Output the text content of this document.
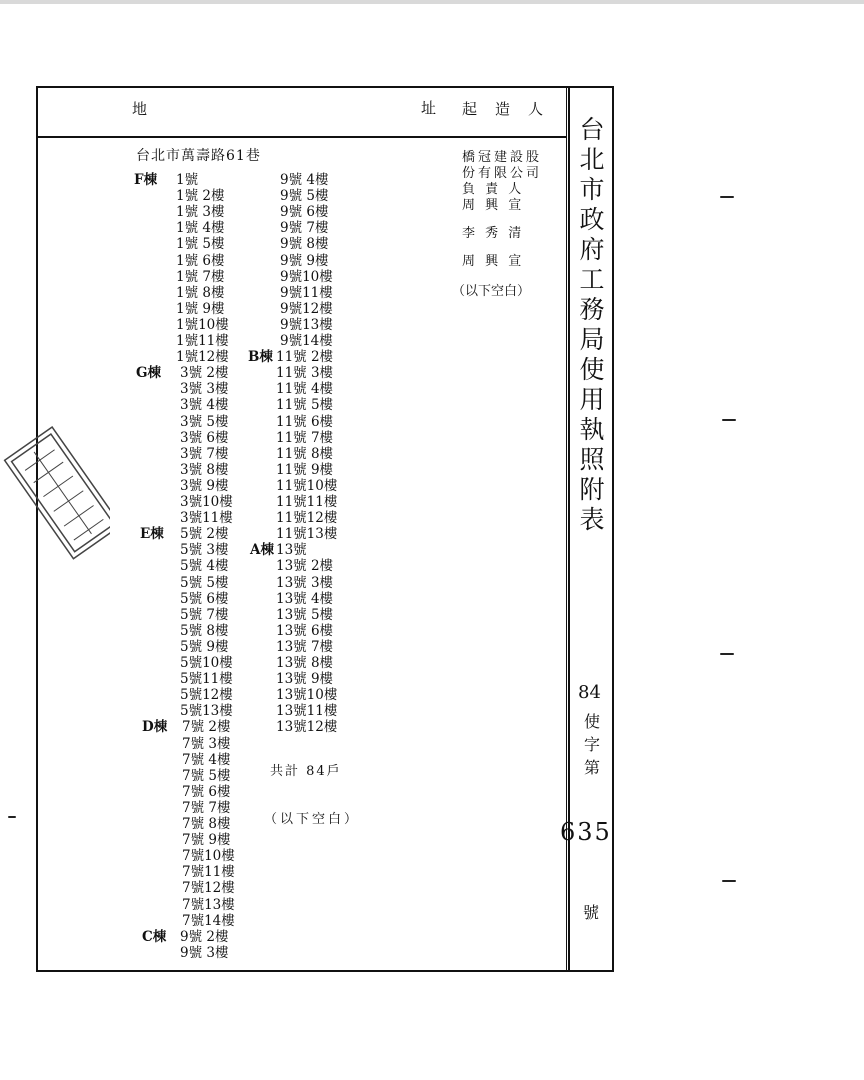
地	址 起造人
台北市萬壽路61巷	橋冠建設股
份有限公司
負 責 人
周 興 宣
李 秀 清
周 興 宣
（以下空白）
F棟 1號
1號 2樓
1號 3樓
1號 4樓
1號 5樓
1號 6樓
1號 7樓
1號 8樓
1號 9樓
1號10樓
1號11樓
1號12樓
G棟 3號 2樓
3號 3樓
3號 4樓
3號 5樓
3號 6樓
3號 7樓
3號 8樓
3號 9樓
3號10樓
3號11樓
E棟 5號 2樓
5號 3樓
5號 4樓
5號 5樓
5號 6樓
5號 7樓
5號 8樓
5號 9樓
5號10樓
5號11樓
5號12樓
5號13樓
D棟 7號 2樓
7號 3樓
7號 4樓
7號 5樓
7號 6樓
7號 7樓
7號 8樓
7號 9樓
7號10樓
7號11樓
7號12樓
7號13樓
7號14樓
C棟 9號 2樓
9號 3樓
9號 4樓
9號 5樓
9號 6樓
9號 7樓
9號 8樓
9號 9樓
9號10樓
9號11樓
9號12樓
9號13樓
9號14樓
B棟 11號 2樓
11號 3樓
11號 4樓
11號 5樓
11號 6樓
11號 7樓
11號 8樓
11號 9樓
11號10樓
11號11樓
11號12樓
11號13樓
A棟 13號
13號 2樓
13號 3樓
13號 4樓
13號 5樓
13號 6樓
13號 7樓
13號 8樓
13號 9樓
13號10樓
13號11樓
13號12樓
共計 84戶
（以下空白）
台
北
市
政
府
工
務
局
使
用
執
照
附
表
84
使
字
第
635
號
